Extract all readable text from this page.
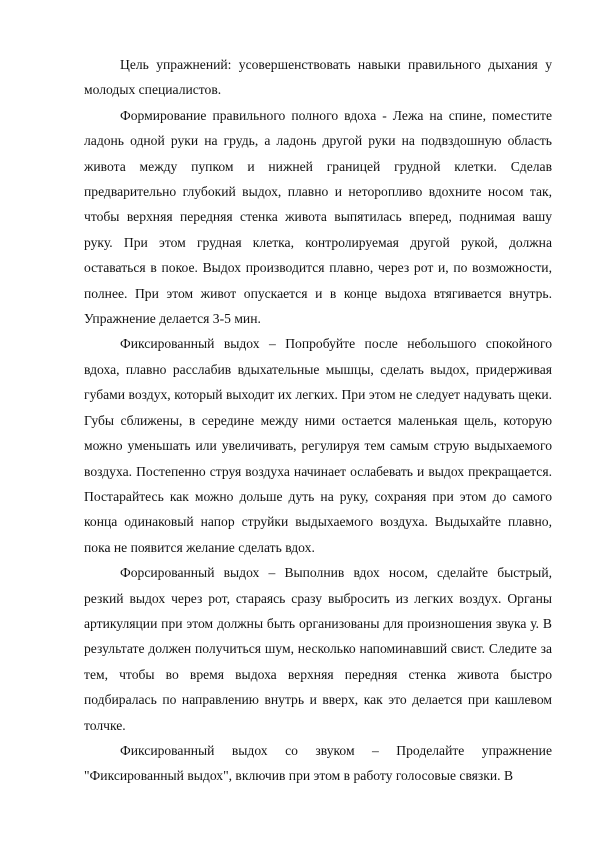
Цель упражнений: усовершенствовать навыки правильного дыхания у молодых специалистов.

Формирование правильного полного вдоха - Лежа на спине, поместите ладонь одной руки на грудь, а ладонь другой руки на подвздошную область живота между пупком и нижней границей грудной клетки. Сделав предварительно глубокий выдох, плавно и неторопливо вдохните носом так, чтобы верхняя передняя стенка живота выпятилась вперед, поднимая вашу руку. При этом грудная клетка, контролируемая другой рукой, должна оставаться в покое. Выдох производится плавно, через рот и, по возможности, полнее. При этом живот опускается и в конце выдоха втягивается внутрь. Упражнение делается 3-5 мин.

Фиксированный выдох – Попробуйте после небольшого спокойного вдоха, плавно расслабив вдыхательные мышцы, сделать выдох, придерживая губами воздух, который выходит их легких. При этом не следует надувать щеки. Губы сближены, в середине между ними остается маленькая щель, которую можно уменьшать или увеличивать, регулируя тем самым струю выдыхаемого воздуха. Постепенно струя воздуха начинает ослабевать и выдох прекращается. Постарайтесь как можно дольше дуть на руку, сохраняя при этом до самого конца одинаковый напор струйки выдыхаемого воздуха. Выдыхайте плавно, пока не появится желание сделать вдох.

Форсированный выдох – Выполнив вдох носом, сделайте быстрый, резкий выдох через рот, стараясь сразу выбросить из легких воздух. Органы артикуляции при этом должны быть организованы для произношения звука у. В результате должен получиться шум, несколько напоминавший свист. Следите за тем, чтобы во время выдоха верхняя передняя стенка живота быстро подбиралась по направлению внутрь и вверх, как это делается при кашлевом толчке.

Фиксированный выдох со звуком – Проделайте упражнение "Фиксированный выдох", включив при этом в работу голосовые связки. В
